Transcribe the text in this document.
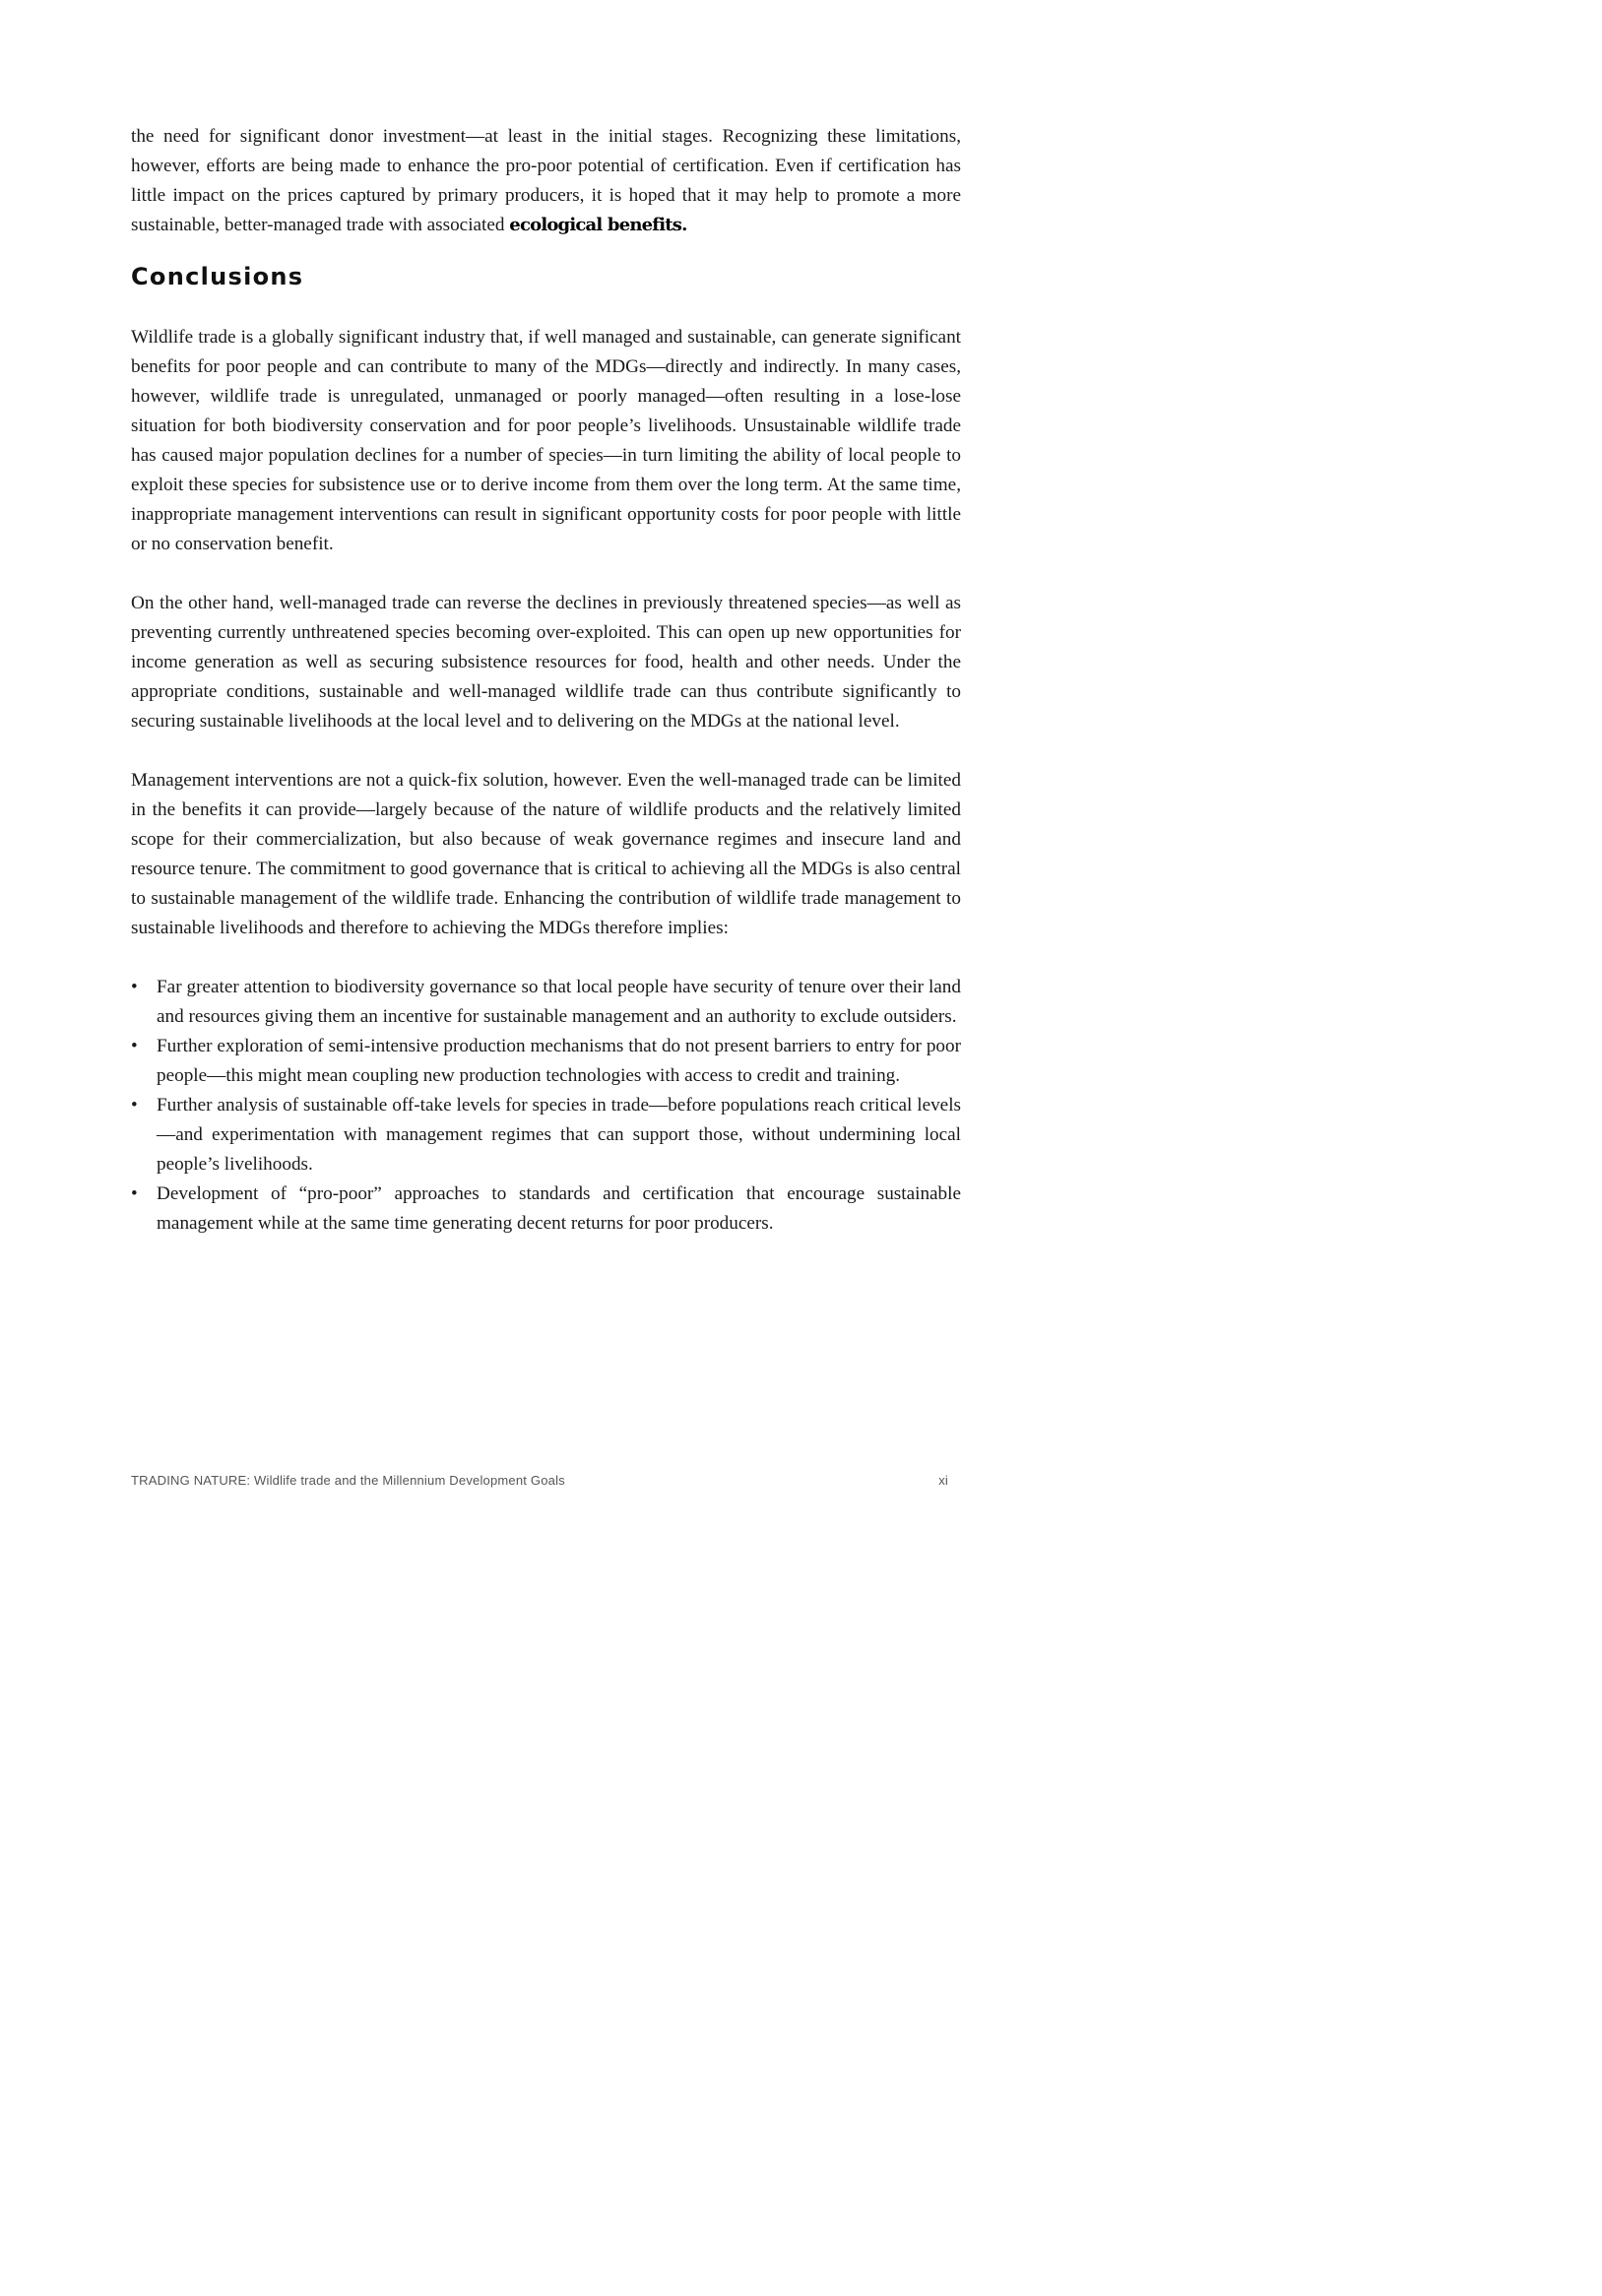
the need for significant donor investment—at least in the initial stages. Recognizing these limitations, however, efforts are being made to enhance the pro-poor potential of certification. Even if certification has little impact on the prices captured by primary producers, it is hoped that it may help to promote a more sustainable, better-managed trade with associated ecological benefits.

Conclusions

Wildlife trade is a globally significant industry that, if well managed and sustainable, can generate significant benefits for poor people and can contribute to many of the MDGs—directly and indirectly. In many cases, however, wildlife trade is unregulated, unmanaged or poorly managed—often resulting in a lose-lose situation for both biodiversity conservation and for poor people’s livelihoods. Unsustainable wildlife trade has caused major population declines for a number of species—in turn limiting the ability of local people to exploit these species for subsistence use or to derive income from them over the long term. At the same time, inappropriate management interventions can result in significant opportunity costs for poor people with little or no conservation benefit.

On the other hand, well-managed trade can reverse the declines in previously threatened species—as well as preventing currently unthreatened species becoming over-exploited. This can open up new opportunities for income generation as well as securing subsistence resources for food, health and other needs. Under the appropriate conditions, sustainable and well-managed wildlife trade can thus contribute significantly to securing sustainable livelihoods at the local level and to delivering on the MDGs at the national level.

Management interventions are not a quick-fix solution, however. Even the well-managed trade can be limited in the benefits it can provide—largely because of the nature of wildlife products and the relatively limited scope for their commercialization, but also because of weak governance regimes and insecure land and resource tenure. The commitment to good governance that is critical to achieving all the MDGs is also central to sustainable management of the wildlife trade. Enhancing the contribution of wildlife trade management to sustainable livelihoods and therefore to achieving the MDGs therefore implies:

• Far greater attention to biodiversity governance so that local people have security of tenure over their land and resources giving them an incentive for sustainable management and an authority to exclude outsiders.
• Further exploration of semi-intensive production mechanisms that do not present barriers to entry for poor people—this might mean coupling new production technologies with access to credit and training.
• Further analysis of sustainable off-take levels for species in trade—before populations reach critical levels—and experimentation with management regimes that can support those, without undermining local people’s livelihoods.
• Development of “pro-poor” approaches to standards and certification that encourage sustainable management while at the same time generating decent returns for poor producers.
TRADING NATURE: Wildlife trade and the Millennium Development Goals	xi
